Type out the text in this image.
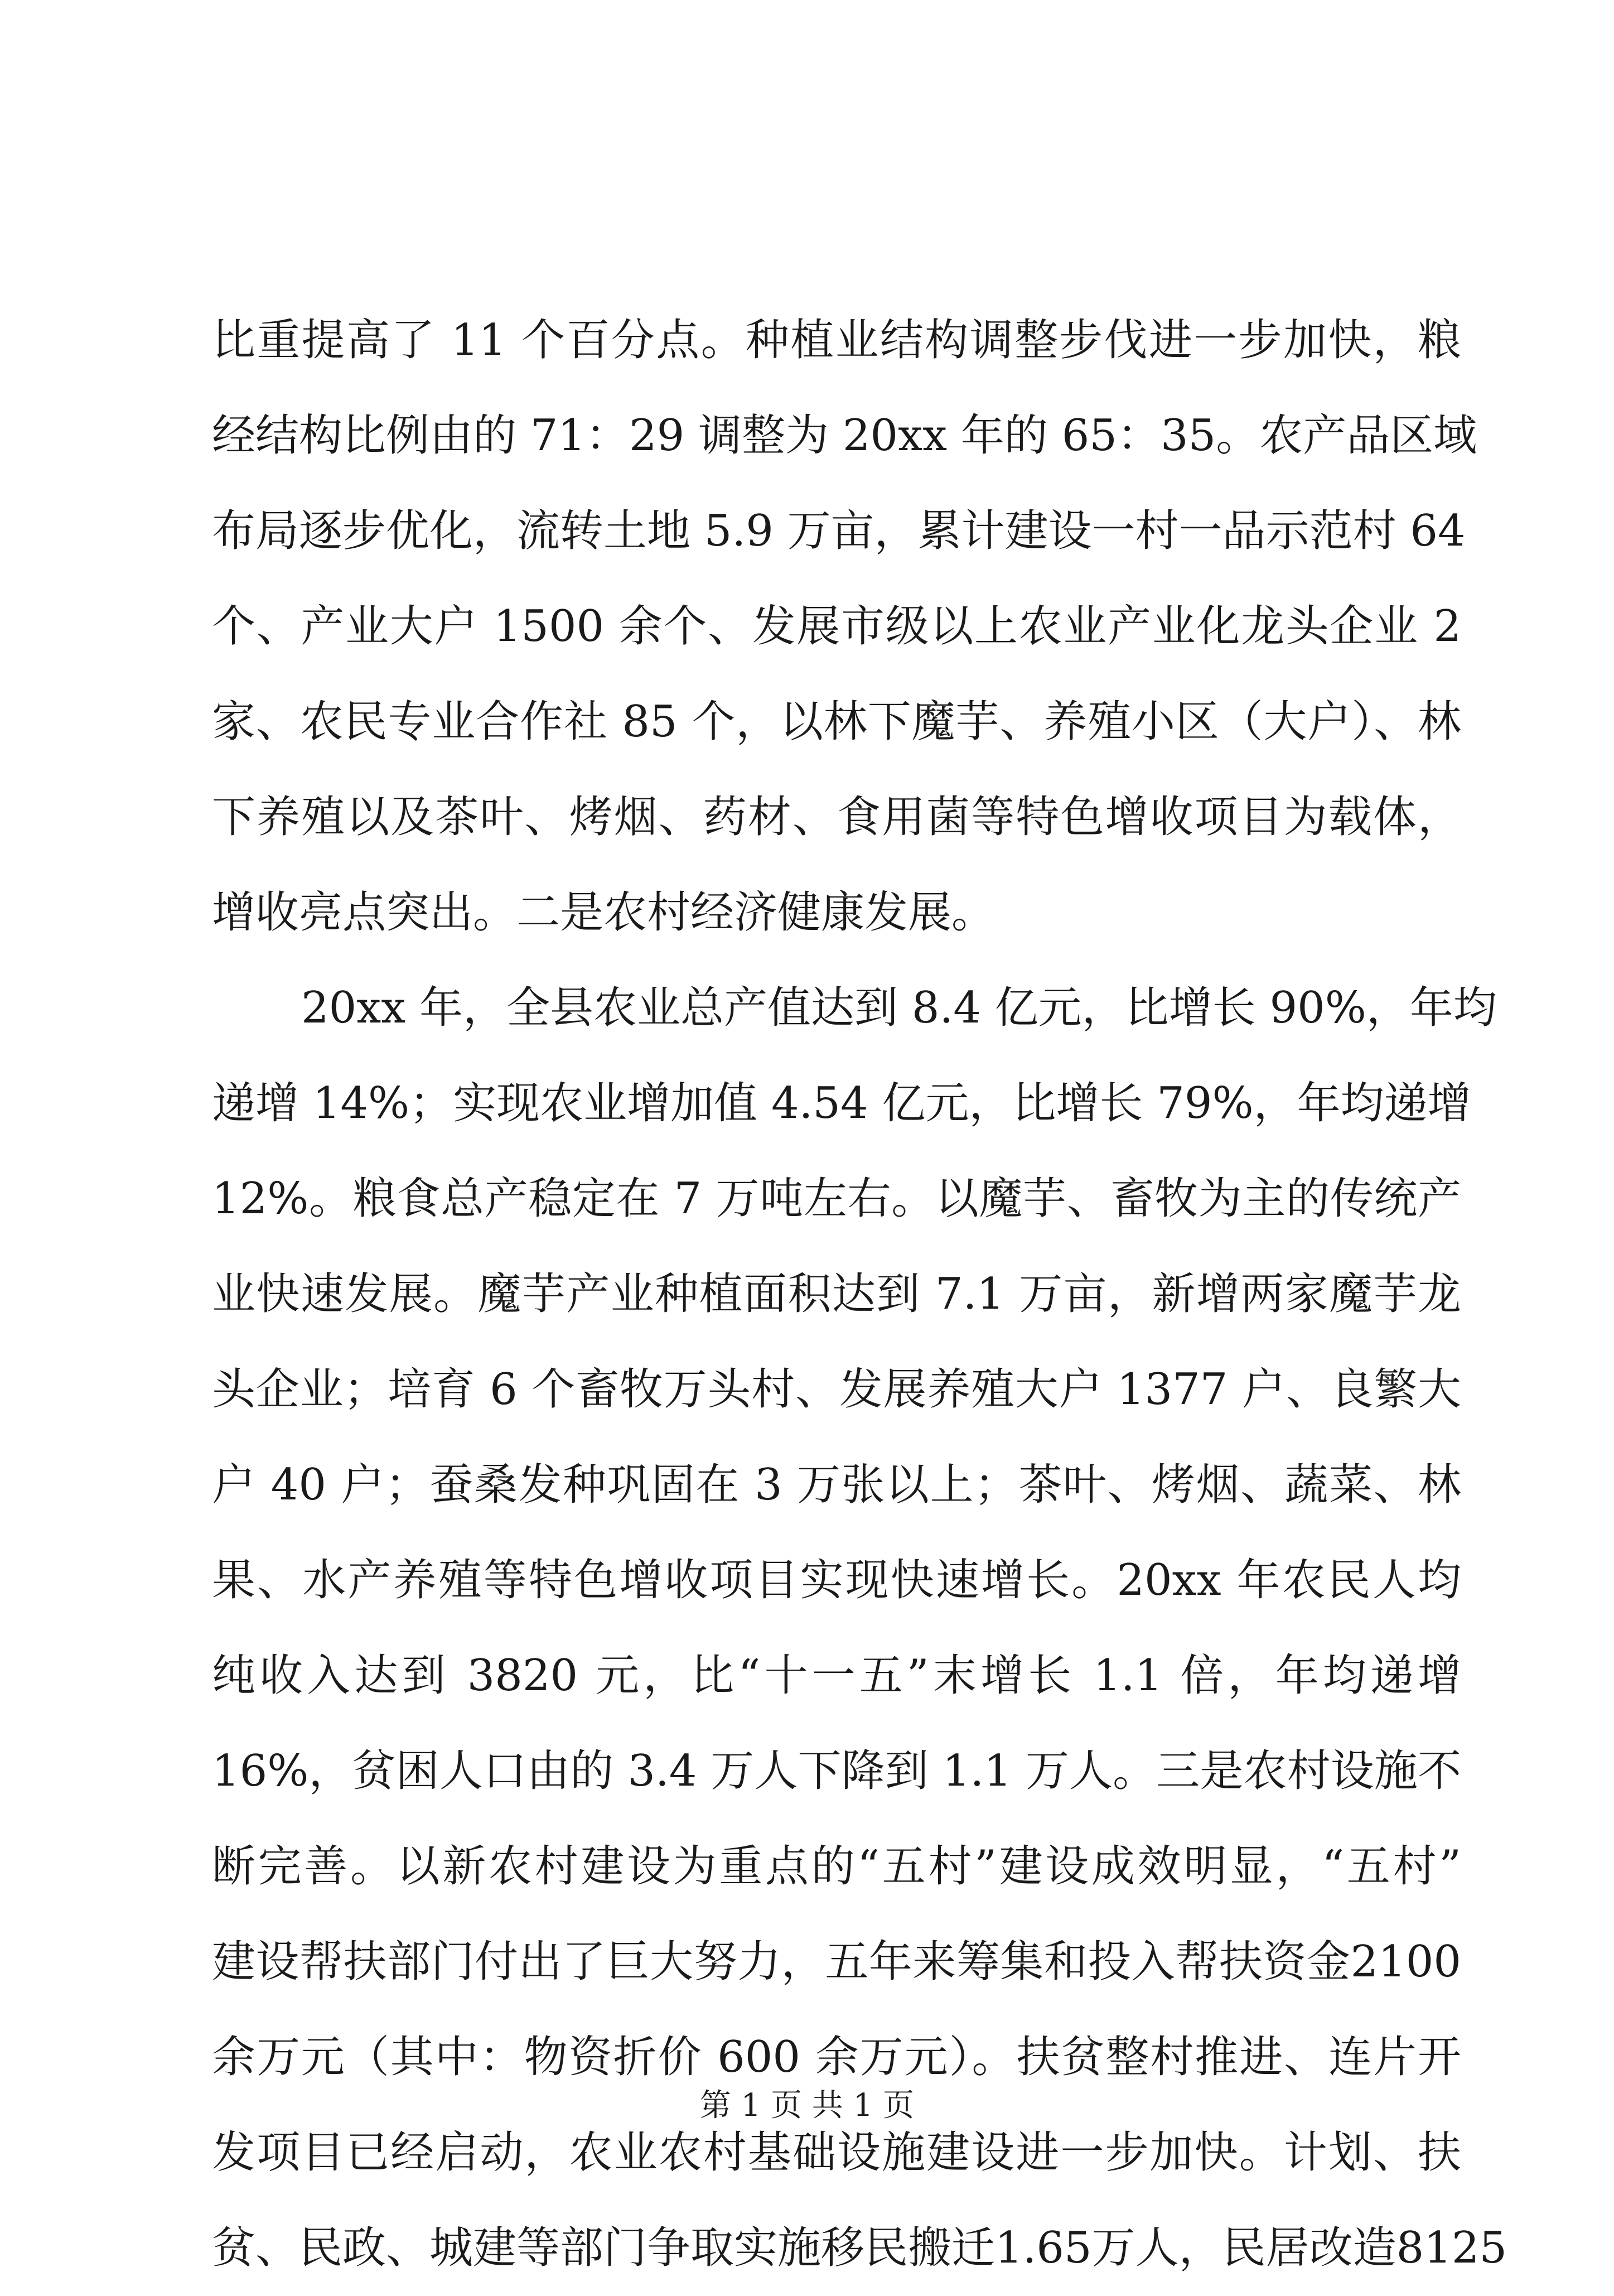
比重提高了 11 个百分点。种植业结构调整步伐进一步加快，粮
经结构比例由的 71：29 调整为 20xx 年的 65：35。农产品区域
布局逐步优化，流转土地 5.9 万亩，累计建设一村一品示范村 64
个、产业大户 1500 余个、发展市级以上农业产业化龙头企业 2
家、农民专业合作社 85 个，以林下魔芋、养殖小区（大户）、林
下养殖以及茶叶、烤烟、药材、食用菌等特色增收项目为载体，
增收亮点突出。二是农村经济健康发展。
20xx 年，全县农业总产值达到 8.4 亿元，比增长 90%，年均
递增 14%；实现农业增加值 4.54 亿元，比增长 79%，年均递增
12%。粮食总产稳定在 7 万吨左右。以魔芋、畜牧为主的传统产
业快速发展。魔芋产业种植面积达到 7.1 万亩，新增两家魔芋龙
头企业；培育 6 个畜牧万头村、发展养殖大户 1377 户、良繁大
户 40 户；蚕桑发种巩固在 3 万张以上；茶叶、烤烟、蔬菜、林
果、水产养殖等特色增收项目实现快速增长。20xx 年农民人均
纯收入达到 3820 元，比“十一五”末增长 1.1 倍，年均递增
16%，贫困人口由的 3.4 万人下降到 1.1 万人。三是农村设施不
断完善。以新农村建设为重点的“五村”建设成效明显，“五村”
建设帮扶部门付出了巨大努力，五年来筹集和投入帮扶资金2100
余万元（其中：物资折价 600 余万元）。扶贫整村推进、连片开
发项目已经启动，农业农村基础设施建设进一步加快。计划、扶
贫、民政、城建等部门争取实施移民搬迁1.65万人，民居改造8125
第 1 页 共 1 页
